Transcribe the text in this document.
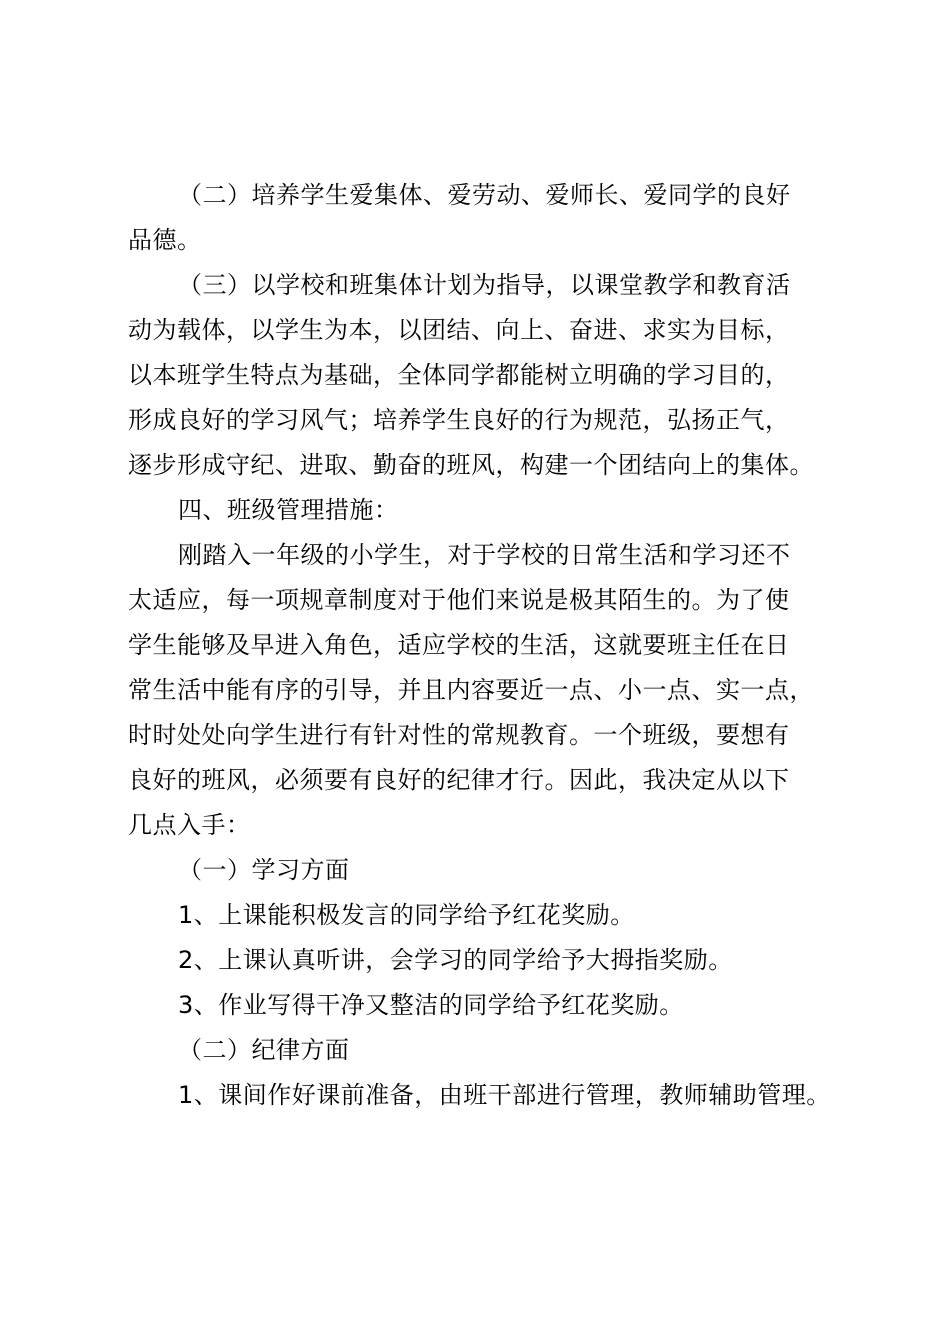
（二）培养学生爱集体、爱劳动、爱师长、爱同学的良好
品德。
（三）以学校和班集体计划为指导，以课堂教学和教育活
动为载体，以学生为本，以团结、向上、奋进、求实为目标，
以本班学生特点为基础，全体同学都能树立明确的学习目的，
形成良好的学习风气；培养学生良好的行为规范，弘扬正气，
逐步形成守纪、进取、勤奋的班风，构建一个团结向上的集体。
四、班级管理措施：
刚踏入一年级的小学生，对于学校的日常生活和学习还不
太适应，每一项规章制度对于他们来说是极其陌生的。为了使
学生能够及早进入角色，适应学校的生活，这就要班主任在日
常生活中能有序的引导，并且内容要近一点、小一点、实一点，
时时处处向学生进行有针对性的常规教育。一个班级，要想有
良好的班风，必须要有良好的纪律才行。因此，我决定从以下
几点入手：
（一）学习方面
1、上课能积极发言的同学给予红花奖励。
2、上课认真听讲，会学习的同学给予大拇指奖励。
3、作业写得干净又整洁的同学给予红花奖励。
（二）纪律方面
1、课间作好课前准备，由班干部进行管理，教师辅助管理。
